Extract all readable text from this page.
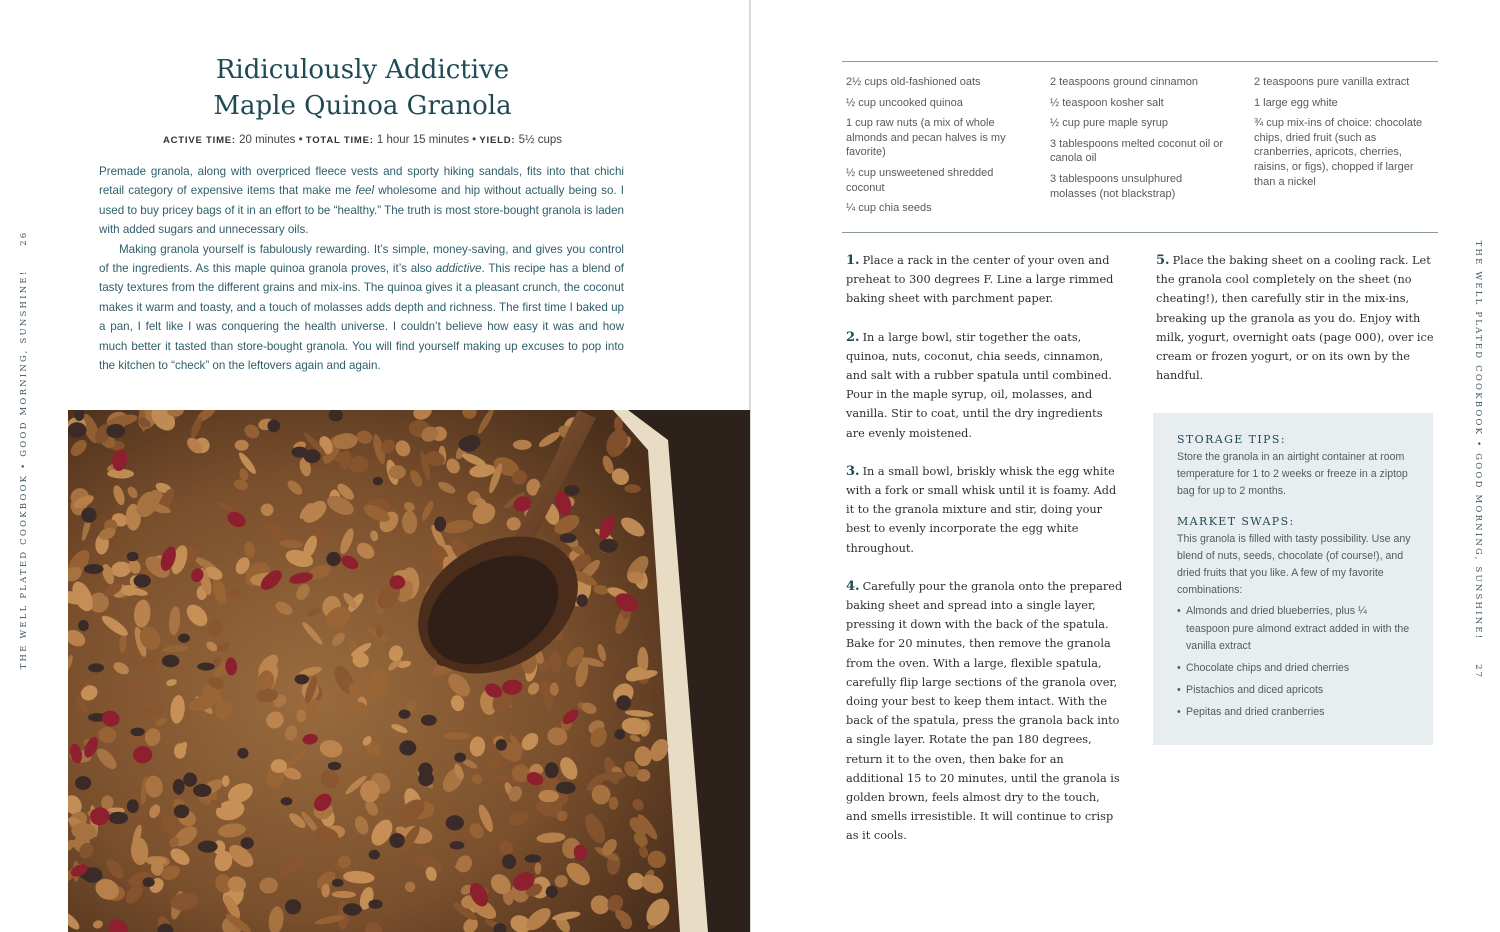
THE WELL PLATED COOKBOOK • GOOD MORNING, SUNSHINE!  26
Ridiculously Addictive
Maple Quinoa Granola
ACTIVE TIME: 20 minutes • TOTAL TIME: 1 hour 15 minutes • YIELD: 5½ cups

Premade granola, along with overpriced fleece vests and sporty hiking sandals, fits into that chichi retail category of expensive items that make me feel wholesome and hip without actually being so. I used to buy pricey bags of it in an effort to be “healthy.” The truth is most store-bought granola is laden with added sugars and unnecessary oils.

Making granola yourself is fabulously rewarding. It’s simple, money-saving, and gives you control of the ingredients. As this maple quinoa granola proves, it’s also addictive. This recipe has a blend of tasty textures from the different grains and mix-ins. The quinoa gives it a pleasant crunch, the coconut makes it warm and toasty, and a touch of molasses adds depth and richness. The first time I baked up a pan, I felt like I was conquering the health universe. I couldn’t believe how easy it was and how much better it tasted than store-bought granola. You will find yourself making up excuses to pop into the kitchen to “check” on the leftovers again and again.

2½ cups old-fashioned oats
½ cup uncooked quinoa
1 cup raw nuts (a mix of whole almonds and pecan halves is my favorite)
½ cup unsweetened shredded coconut
¼ cup chia seeds
2 teaspoons ground cinnamon
½ teaspoon kosher salt
½ cup pure maple syrup
3 tablespoons melted coconut oil or canola oil
3 tablespoons unsulphured molasses (not blackstrap)
2 teaspoons pure vanilla extract
1 large egg white
¾ cup mix-ins of choice: chocolate chips, dried fruit (such as cranberries, apricots, cherries, raisins, or figs), chopped if larger than a nickel
1. Place a rack in the center of your oven and preheat to 300 degrees F. Line a large rimmed baking sheet with parchment paper.
2. In a large bowl, stir together the oats, quinoa, nuts, coconut, chia seeds, cinnamon, and salt with a rubber spatula until combined. Pour in the maple syrup, oil, molasses, and vanilla. Stir to coat, until the dry ingredients are evenly moistened.
3. In a small bowl, briskly whisk the egg white with a fork or small whisk until it is foamy. Add it to the granola mixture and stir, doing your best to evenly incorporate the egg white throughout.
4. Carefully pour the granola onto the prepared baking sheet and spread into a single layer, pressing it down with the back of the spatula. Bake for 20 minutes, then remove the granola from the oven. With a large, flexible spatula, carefully flip large sections of the granola over, doing your best to keep them intact. With the back of the spatula, press the granola back into a single layer. Rotate the pan 180 degrees, return it to the oven, then bake for an additional 15 to 20 minutes, until the granola is golden brown, feels almost dry to the touch, and smells irresistible. It will continue to crisp as it cools.
5. Place the baking sheet on a cooling rack. Let the granola cool completely on the sheet (no cheating!), then carefully stir in the mix-ins, breaking up the granola as you do. Enjoy with milk, yogurt, overnight oats (page 000), over ice cream or frozen yogurt, or on its own by the handful.
STORAGE TIPS:

Store the granola in an airtight container at room temperature for 1 to 2 weeks or freeze in a ziptop bag for up to 2 months.

MARKET SWAPS:

This granola is filled with tasty possibility. Use any blend of nuts, seeds, chocolate (of course!), and dried fruits that you like. A few of my favorite combinations:

• Almonds and dried blueberries, plus ¼ teaspoon pure almond extract added in with the vanilla extract
• Chocolate chips and dried cherries
• Pistachios and diced apricots
• Pepitas and dried cranberries
THE WELL PLATED COOKBOOK • GOOD MORNING, SUNSHINE!  27
